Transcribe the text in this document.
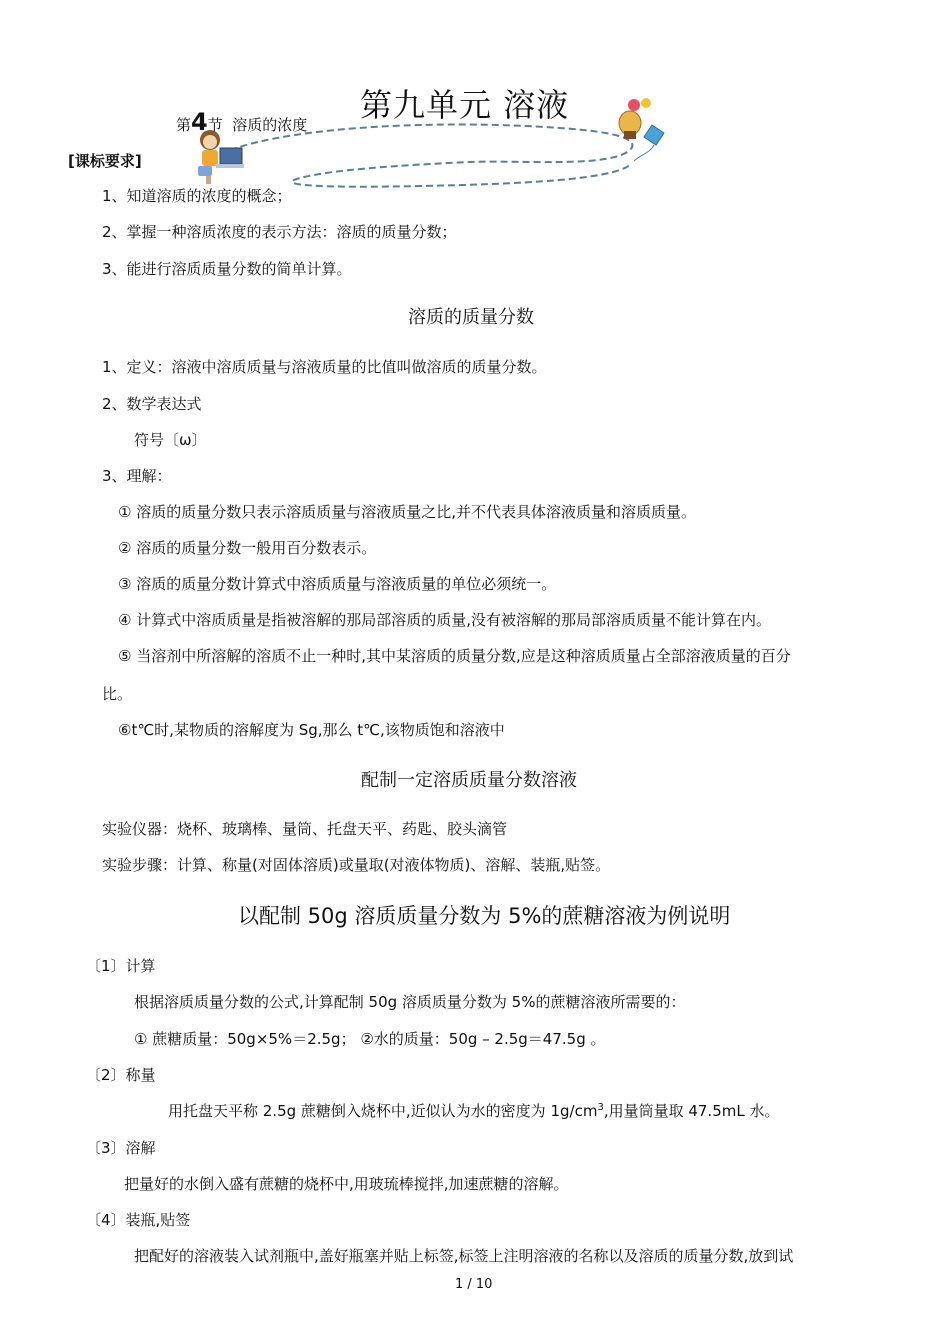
第九单元 溶液
第4节 溶质的浓度
[课标要求]
1、知道溶质的浓度的概念；
2、掌握一种溶质浓度的表示方法：溶质的质量分数；
3、能进行溶质质量分数的简单计算。
溶质的质量分数
1、定义：溶液中溶质质量与溶液质量的比值叫做溶质的质量分数。
2、数学表达式
符号〔ω〕
3、理解：
① 溶质的质量分数只表示溶质质量与溶液质量之比,并不代表具体溶液质量和溶质质量。
② 溶质的质量分数一般用百分数表示。
③ 溶质的质量分数计算式中溶质质量与溶液质量的单位必须统一。
④ 计算式中溶质质量是指被溶解的那局部溶质的质量,没有被溶解的那局部溶质质量不能计算在内。
⑤ 当溶剂中所溶解的溶质不止一种时,其中某溶质的质量分数,应是这种溶质质量占全部溶液质量的百分
比。
⑥t℃时,某物质的溶解度为 Sg,那么 t℃,该物质饱和溶液中
配制一定溶质质量分数溶液
实验仪器：烧杯、玻璃棒、量筒、托盘天平、药匙、胶头滴管
实验步骤：计算、称量(对固体溶质)或量取(对液体物质)、溶解、装瓶,贴签。
以配制 50g 溶质质量分数为 5%的蔗糖溶液为例说明
〔1〕计算
根据溶质质量分数的公式,计算配制 50g 溶质质量分数为 5%的蔗糖溶液所需要的：
① 蔗糖质量：50g×5%＝2.5g； ②水的质量：50g – 2.5g＝47.5g 。
〔2〕称量
用托盘天平称 2.5g 蔗糖倒入烧杯中,近似认为水的密度为 $1g/cm^3$,用量筒量取 47.5mL 水。
〔3〕溶解
把量好的水倒入盛有蔗糖的烧杯中,用玻琉棒搅拌,加速蔗糖的溶解。
〔4〕装瓶,贴签
把配好的溶液装入试剂瓶中,盖好瓶塞并贴上标签,标签上注明溶液的名称以及溶质的质量分数,放到试
1 / 10
